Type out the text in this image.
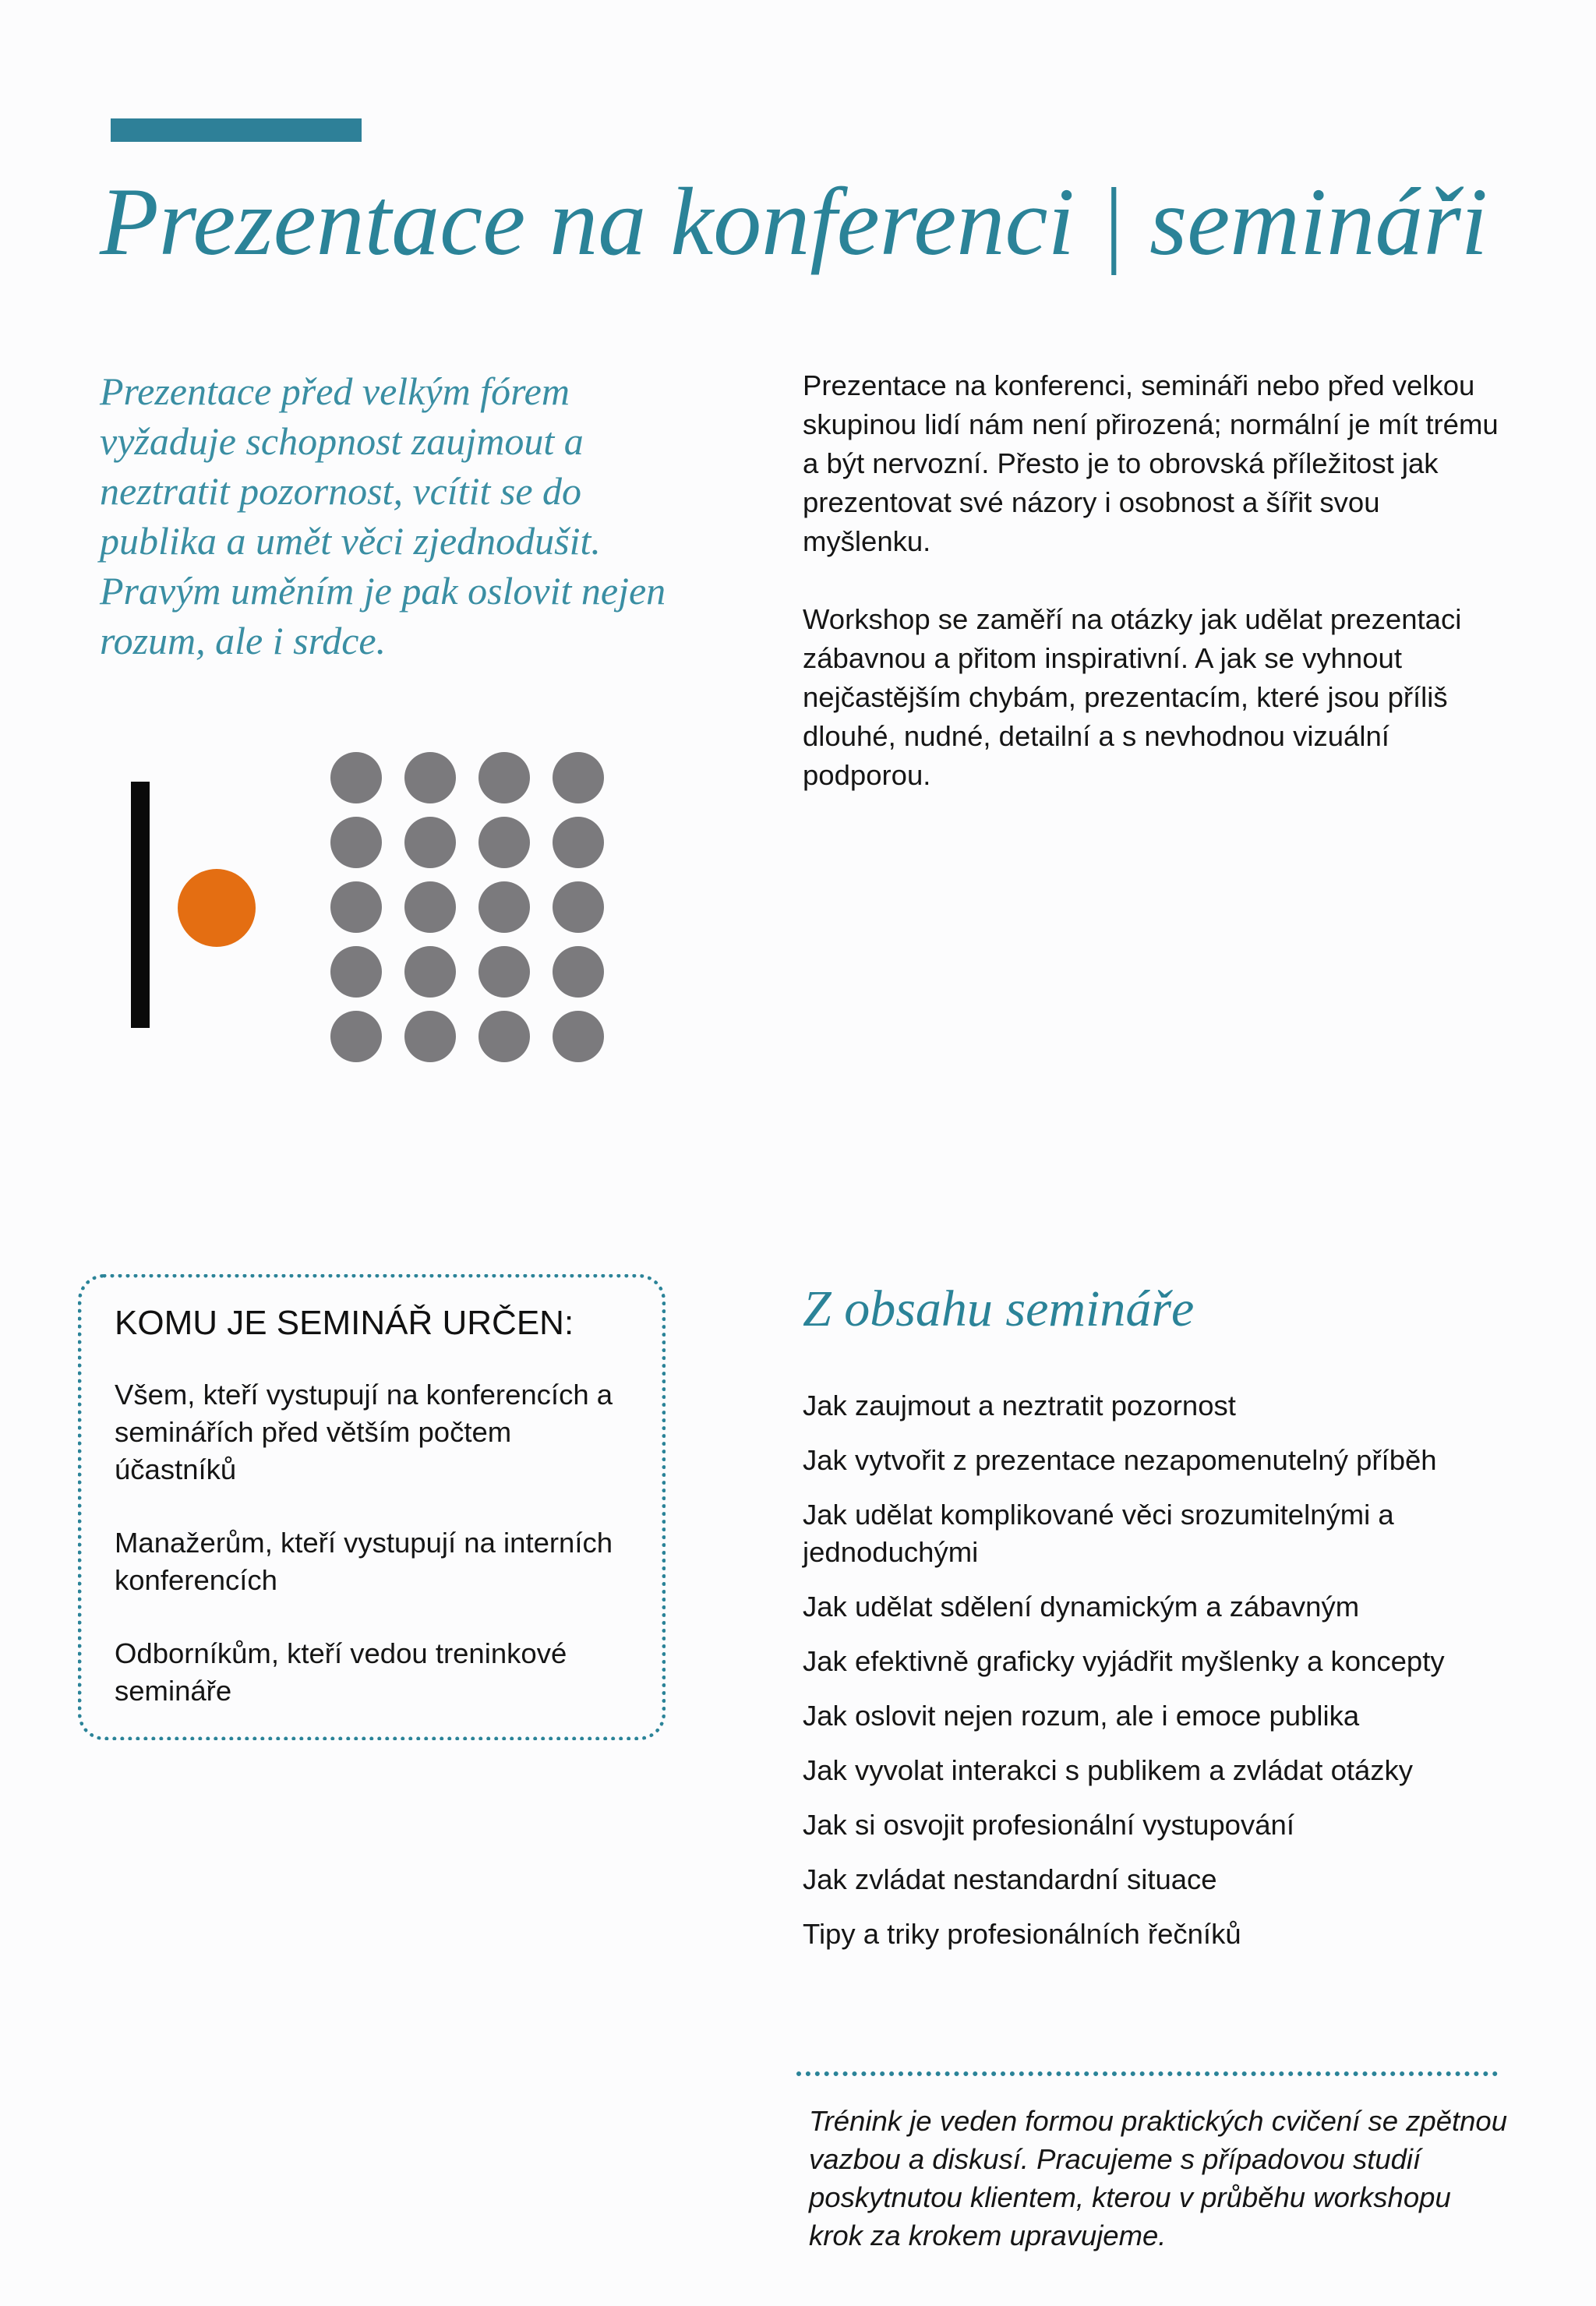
Prezentace na konferenci | semináři

Prezentace před velkým fórem vyžaduje schopnost zaujmout a neztratit pozornost, vcítit se do publika a umět věci zjednodušit. Pravým uměním je pak oslovit nejen rozum, ale i srdce.

Prezentace na konferenci, semináři nebo před velkou skupinou lidí nám není přirozená; normální je mít trému a být nervozní. Přesto je to obrovská příležitost jak prezentovat své názory i osobnost a šířit svou myšlenku.

Workshop se zaměří na otázky jak udělat prezentaci zábavnou a přitom inspirativní. A jak se vyhnout nejčastějším chybám, prezentacím, které jsou příliš dlouhé, nudné, detailní a s nevhodnou vizuální podporou.

KOMU JE SEMINÁŘ URČEN:

Všem, kteří vystupují na konferencích a seminářích před větším počtem účastníků

Manažerům, kteří vystupují na interních konferencích

Odborníkům, kteří vedou treninkové semináře

Z obsahu semináře
Jak zaujmout a neztratit pozornost
Jak vytvořit z prezentace nezapomenutelný příběh
Jak udělat komplikované věci srozumitelnými a jednoduchými
Jak udělat sdělení dynamickým a zábavným
Jak efektivně graficky vyjádřit myšlenky a koncepty
Jak oslovit nejen rozum, ale i emoce publika
Jak vyvolat interakci s publikem a zvládat otázky
Jak si osvojit profesionální vystupování
Jak zvládat nestandardní situace
Tipy a triky profesionálních řečníků

Trénink je veden formou praktických cvičení se zpětnou vazbou a diskusí. Pracujeme s případovou studií poskytnutou klientem, kterou v průběhu workshopu krok za krokem upravujeme.
